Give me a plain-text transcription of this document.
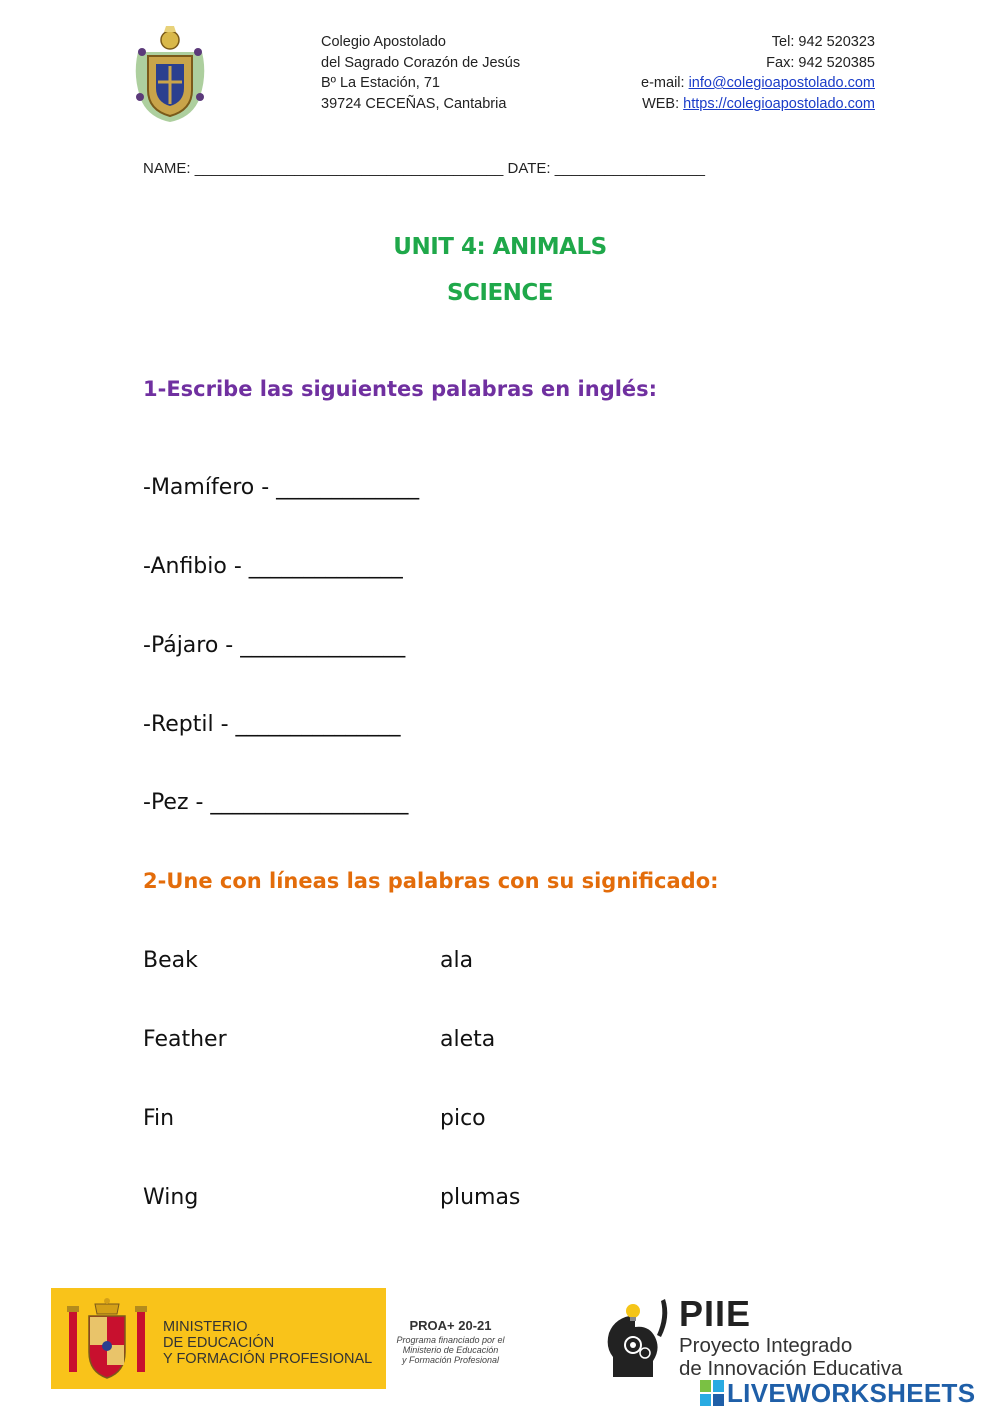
Colegio Apostolado
del Sagrado Corazón de Jesús
Bº La Estación, 71
39724 CECEÑAS, Cantabria
Tel: 942 520323
Fax: 942 520385
e-mail: info@colegioapostolado.com
WEB: https://colegioapostolado.com
NAME: _____________________________________ DATE: __________________
UNIT 4: ANIMALS
SCIENCE
1-Escribe las siguientes palabras en inglés:
-Mamífero - _____________
-Anfibio - ______________
-Pájaro - _______________
-Reptil - _______________
-Pez - __________________
2-Une con líneas las palabras con su significado:
Beak
Feather
Fin
Wing
ala
aleta
pico
plumas
MINISTERIO
DE EDUCACIÓN
Y FORMACIÓN PROFESIONAL
PROA+ 20-21
Programa financiado por el
Ministerio de Educación
y Formación Profesional
PIIE
Proyecto Integrado
de Innovación Educativa
LIVEWORKSHEETS
